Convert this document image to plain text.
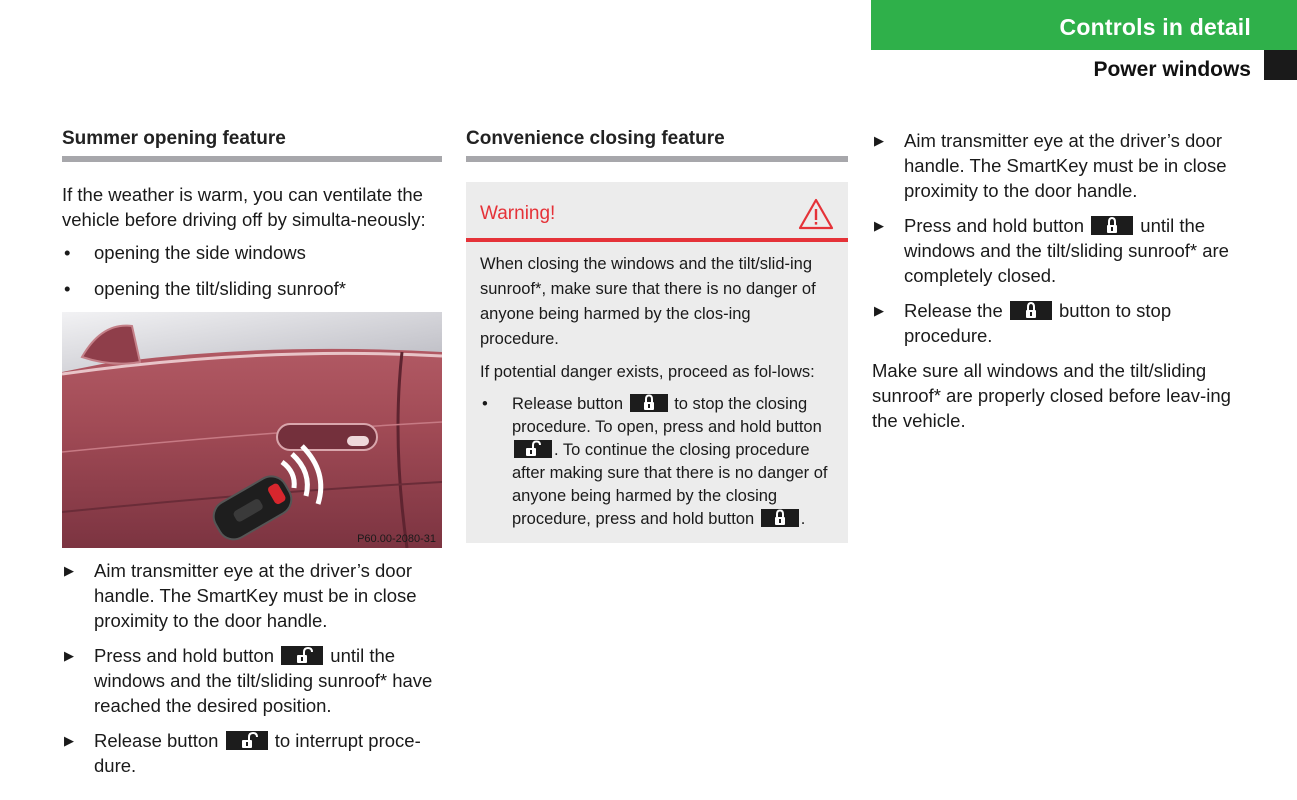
Controls in detail
Power windows
Summer opening feature

If the weather is warm, you can ventilate the vehicle before driving off by simulta-neously:

• opening the side windows
• opening the tilt/sliding sunroof*
P60.00-2080-31
▶ Aim transmitter eye at the driver’s door handle. The SmartKey must be in close proximity to the door handle.
▶ Press and hold button	until the windows and the tilt/sliding sunroof* have reached the desired position.
▶ Release button	to interrupt proce-dure.
Convenience closing feature
Warning!

When closing the windows and the tilt/slid-ing sunroof*, make sure that there is no danger of anyone being harmed by the clos-ing procedure.

If potential danger exists, proceed as fol-lows:

• Release button	to stop the closing procedure. To open, press and hold button
. To continue the closing procedure after making sure that there is no danger of anyone being harmed by the closing procedure, press and hold button	.
▶ Aim transmitter eye at the driver’s door handle. The SmartKey must be in close proximity to the door handle.
▶ Press and hold button	until the windows and the tilt/sliding sunroof* are completely closed.
▶ Release the	button to stop procedure.

Make sure all windows and the tilt/sliding sunroof* are properly closed before leav-ing the vehicle.
